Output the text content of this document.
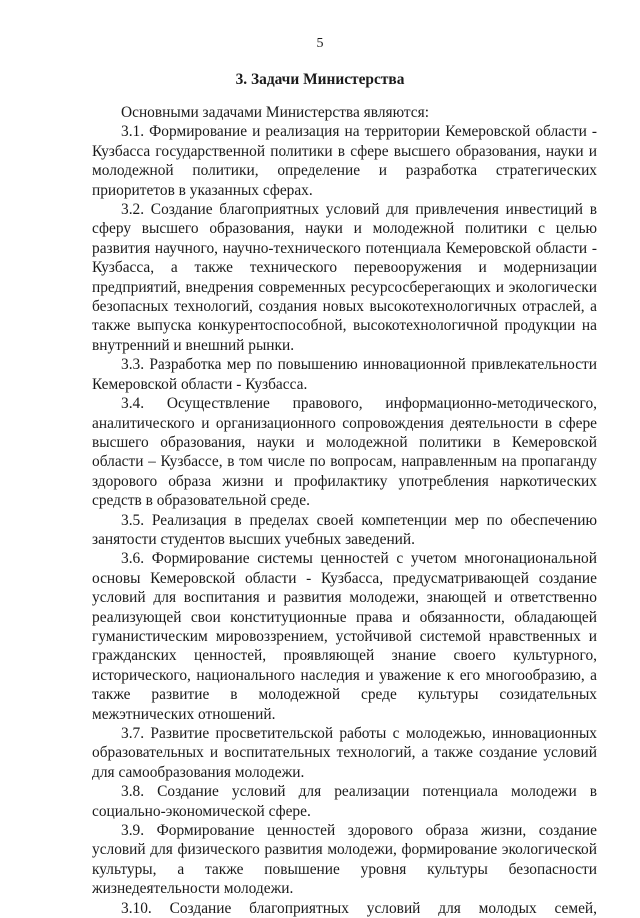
5
3. Задачи Министерства

Основными задачами Министерства являются:

3.1. Формирование и реализация на территории Кемеровской области - Кузбасса государственной политики в сфере высшего образования, науки и молодежной политики, определение и разработка стратегических приоритетов в указанных сферах.

3.2. Создание благоприятных условий для привлечения инвестиций в сферу высшего образования, науки и молодежной политики с целью развития научного, научно-технического потенциала Кемеровской области - Кузбасса, а также технического перевооружения и модернизации предприятий, внедрения современных ресурсосберегающих и экологически безопасных технологий, создания новых высокотехнологичных отраслей, а также выпуска конкурентоспособной, высокотехнологичной продукции на внутренний и внешний рынки.

3.3. Разработка мер по повышению инновационной привлекательности Кемеровской области - Кузбасса.

3.4. Осуществление правового, информационно-методического, аналитического и организационного сопровождения деятельности в сфере высшего образования, науки и молодежной политики в Кемеровской области – Кузбассе, в том числе по вопросам, направленным на пропаганду здорового образа жизни и профилактику употребления наркотических средств в образовательной среде.

3.5. Реализация в пределах своей компетенции мер по обеспечению занятости студентов высших учебных заведений.

3.6. Формирование системы ценностей с учетом многонациональной основы Кемеровской области - Кузбасса, предусматривающей создание условий для воспитания и развития молодежи, знающей и ответственно реализующей свои конституционные права и обязанности, обладающей гуманистическим мировоззрением, устойчивой системой нравственных и гражданских ценностей, проявляющей знание своего культурного, исторического, национального наследия и уважение к его многообразию, а также развитие в молодежной среде культуры созидательных межэтнических отношений.

3.7. Развитие просветительской работы с молодежью, инновационных образовательных и воспитательных технологий, а также создание условий для самообразования молодежи.

3.8. Создание условий для реализации потенциала молодежи в социально-экономической сфере.

3.9. Формирование ценностей здорового образа жизни, создание условий для физического развития молодежи, формирование экологической культуры, а также повышение уровня культуры безопасности жизнедеятельности молодежи.

3.10. Создание благоприятных условий для молодых семей,
